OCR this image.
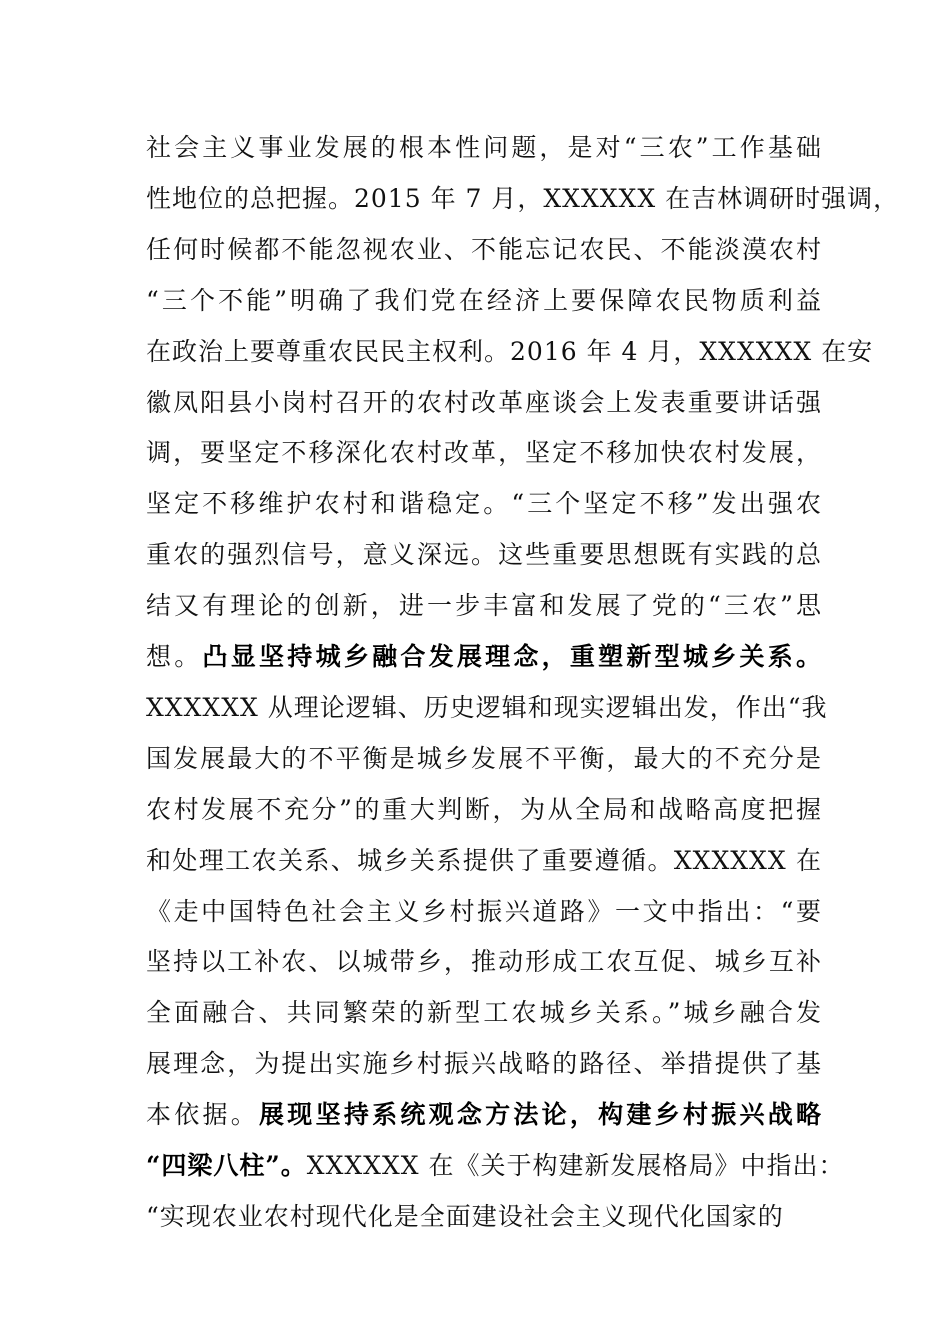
社会主义事业发展的根本性问题，是对“三农”工作基础
性地位的总把握。2015 年 7 月，XXXXXX 在吉林调研时强调，
任何时候都不能忽视农业、不能忘记农民、不能淡漠农村
“三个不能”明确了我们党在经济上要保障农民物质利益
在政治上要尊重农民民主权利。2016 年 4 月，XXXXXX 在安
徽凤阳县小岗村召开的农村改革座谈会上发表重要讲话强
调，要坚定不移深化农村改革，坚定不移加快农村发展，
坚定不移维护农村和谐稳定。“三个坚定不移”发出强农
重农的强烈信号，意义深远。这些重要思想既有实践的总
结又有理论的创新，进一步丰富和发展了党的“三农”思
想。凸显坚持城乡融合发展理念，重塑新型城乡关系。
XXXXXX 从理论逻辑、历史逻辑和现实逻辑出发，作出“我
国发展最大的不平衡是城乡发展不平衡，最大的不充分是
农村发展不充分”的重大判断，为从全局和战略高度把握
和处理工农关系、城乡关系提供了重要遵循。XXXXXX 在
《走中国特色社会主义乡村振兴道路》一文中指出：“要
坚持以工补农、以城带乡，推动形成工农互促、城乡互补
全面融合、共同繁荣的新型工农城乡关系。”城乡融合发
展理念，为提出实施乡村振兴战略的路径、举措提供了基
本依据。展现坚持系统观念方法论，构建乡村振兴战略
“四梁八柱”。XXXXXX 在《关于构建新发展格局》中指出：
“实现农业农村现代化是全面建设社会主义现代化国家的
